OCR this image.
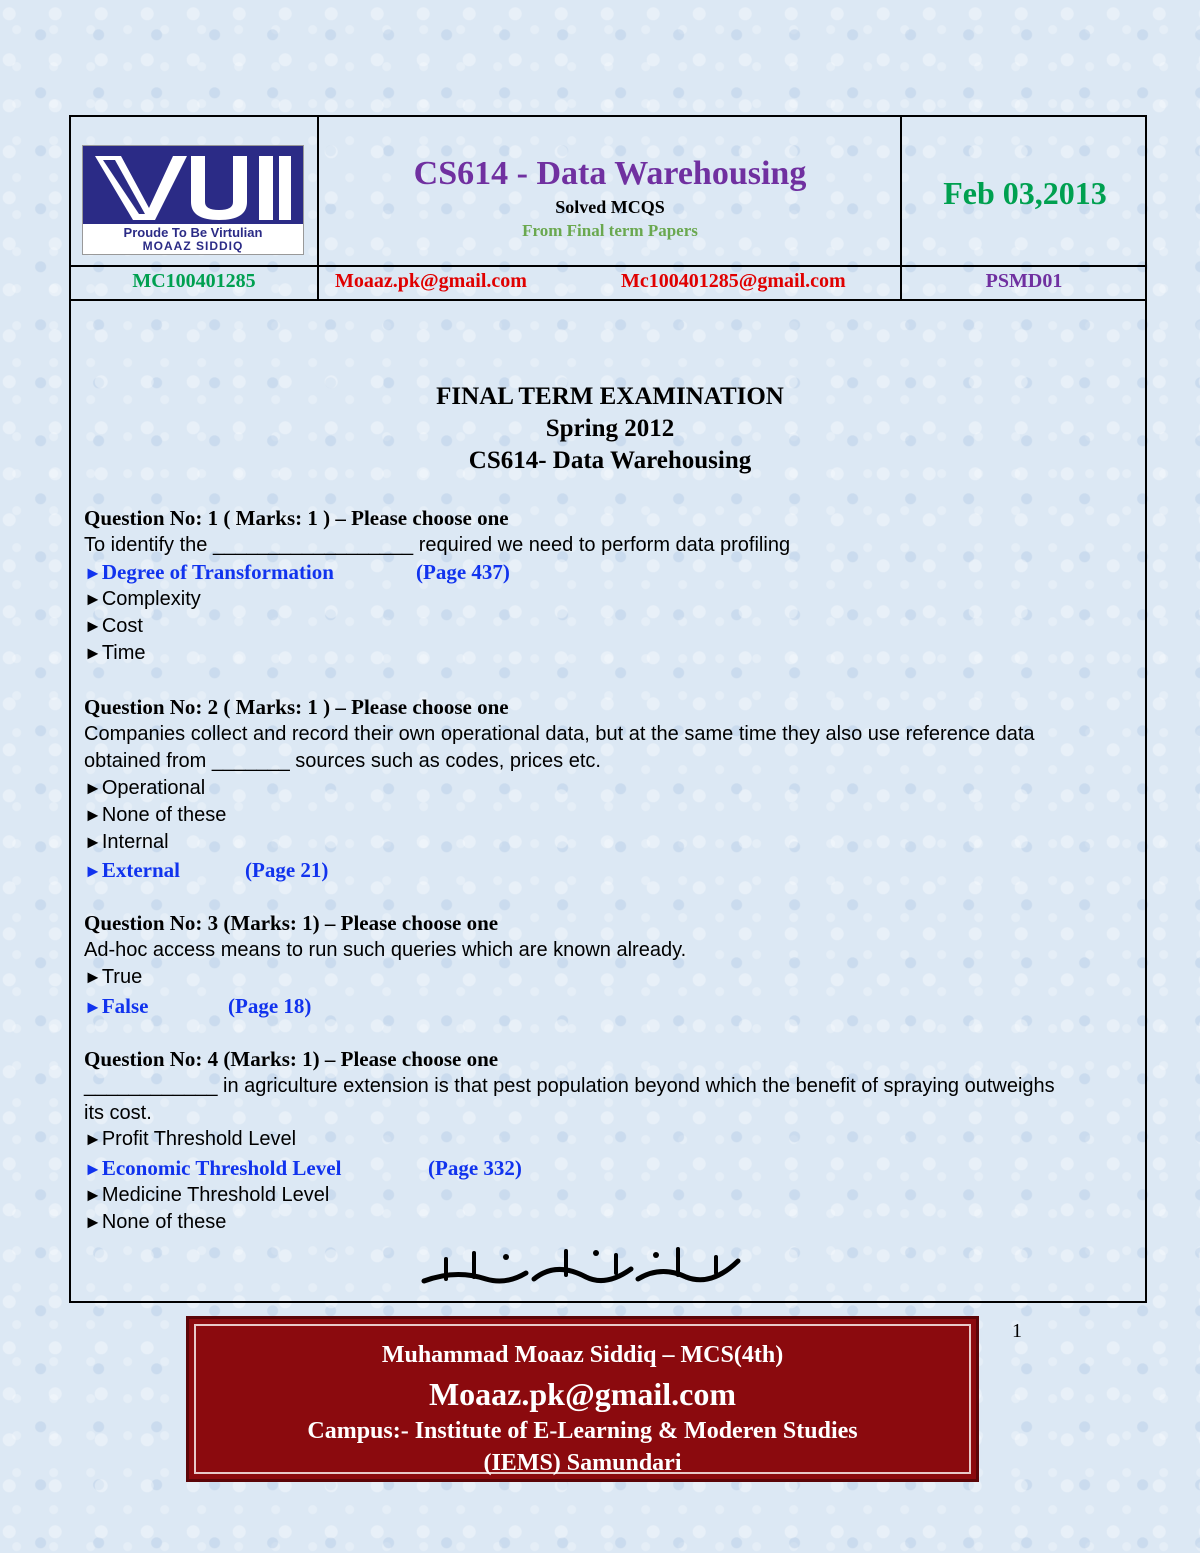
Proude To Be Virtulian
MOAAZ SIDDIQ
CS614 - Data Warehousing
Solved MCQS
From Final term Papers
Feb 03,2013
MC100401285	Moaaz.pk@gmail.com	Mc100401285@gmail.com	PSMD01
FINAL TERM EXAMINATION
Spring 2012
CS614- Data Warehousing
Question No: 1 ( Marks: 1 ) – Please choose one
To identify the __________________ required we need to perform data profiling
►Degree of Transformation	(Page 437)
►Complexity
►Cost
►Time
Question No: 2 ( Marks: 1 ) – Please choose one
Companies collect and record their own operational data, but at the same time they also use reference data
obtained from _______ sources such as codes, prices etc.
►Operational
►None of these
►Internal
►External	(Page 21)
Question No: 3 (Marks: 1) – Please choose one
Ad-hoc access means to run such queries which are known already.
►True
►False	(Page 18)
Question No: 4 (Marks: 1) – Please choose one
____________ in agriculture extension is that pest population beyond which the benefit of spraying outweighs
its cost.
►Profit Threshold Level
►Economic Threshold Level	(Page 332)
►Medicine Threshold Level
►None of these
Muhammad Moaaz Siddiq – MCS(4th)
Moaaz.pk@gmail.com
Campus:- Institute of E-Learning & Moderen Studies
(IEMS) Samundari
1
